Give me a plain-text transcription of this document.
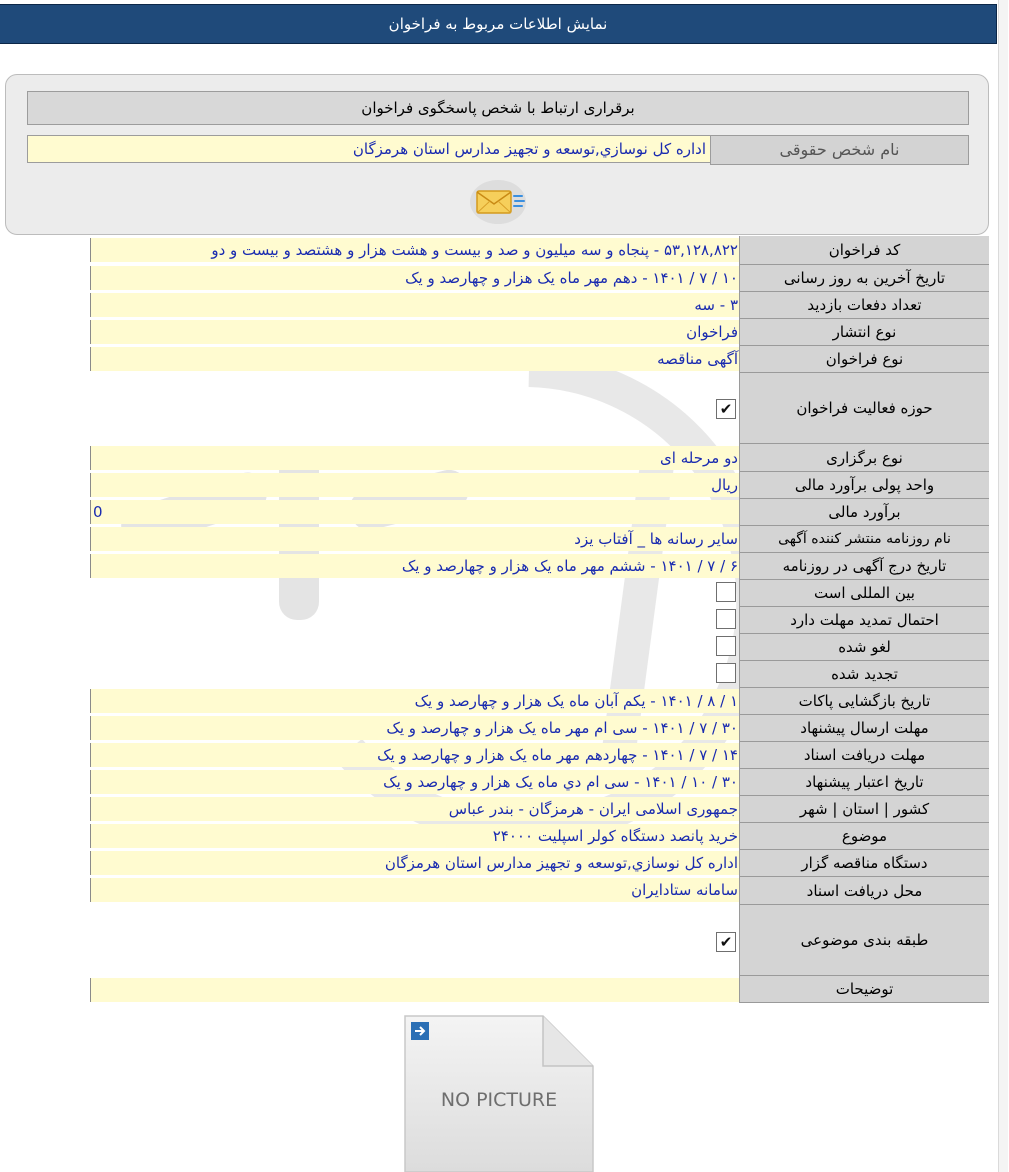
نمایش اطلاعات مربوط به فراخوان
برقراری ارتباط با شخص پاسخگوی فراخوان
نام شخص حقوقی
اداره کل نوسازي,توسعه و تجهيز مدارس استان هرمزگان
کد فراخوان
۵۳,۱۲۸,۸۲۲ - پنجاه و سه میلیون و صد و بیست و هشت هزار و هشتصد و بیست و دو
تاریخ آخرین به روز رسانی
۱۰ / ۷ / ۱۴۰۱ - دهم مهر ماه یک هزار و چهارصد و یک
تعداد دفعات بازدید
۳ - سه
نوع انتشار
فراخوان
نوع فراخوان
آگهی مناقصه
حوزه فعالیت فراخوان
✔
نوع برگزاری
دو مرحله ای
واحد پولی برآورد مالی
ریال
برآورد مالی
0
نام روزنامه منتشر کننده آگهی
سایر رسانه ها _ آفتاب یزد
تاریخ درج آگهی در روزنامه
۶ / ۷ / ۱۴۰۱ - ششم مهر ماه یک هزار و چهارصد و یک
بین المللی است
احتمال تمدید مهلت دارد
لغو شده
تجدید شده
تاریخ بازگشایی پاکات
۱ / ۸ / ۱۴۰۱ - یکم آبان ماه یک هزار و چهارصد و یک
مهلت ارسال پیشنهاد
۳۰ / ۷ / ۱۴۰۱ - سی ام مهر ماه یک هزار و چهارصد و یک
مهلت دریافت اسناد
۱۴ / ۷ / ۱۴۰۱ - چهاردهم مهر ماه یک هزار و چهارصد و یک
تاریخ اعتبار پیشنهاد
۳۰ / ۱۰ / ۱۴۰۱ - سی ام دي ماه یک هزار و چهارصد و یک
کشور | استان | شهر
جمهوری اسلامی ایران - هرمزگان - بندر عباس
موضوع
خرید پانصد دستگاه کولر اسپلیت ۲۴۰۰۰
دستگاه مناقصه گزار
اداره کل نوسازي,توسعه و تجهيز مدارس استان هرمزگان
محل دریافت اسناد
سامانه ستادایران
طبقه بندی موضوعی
✔
توضیحات
NO PICTURE
